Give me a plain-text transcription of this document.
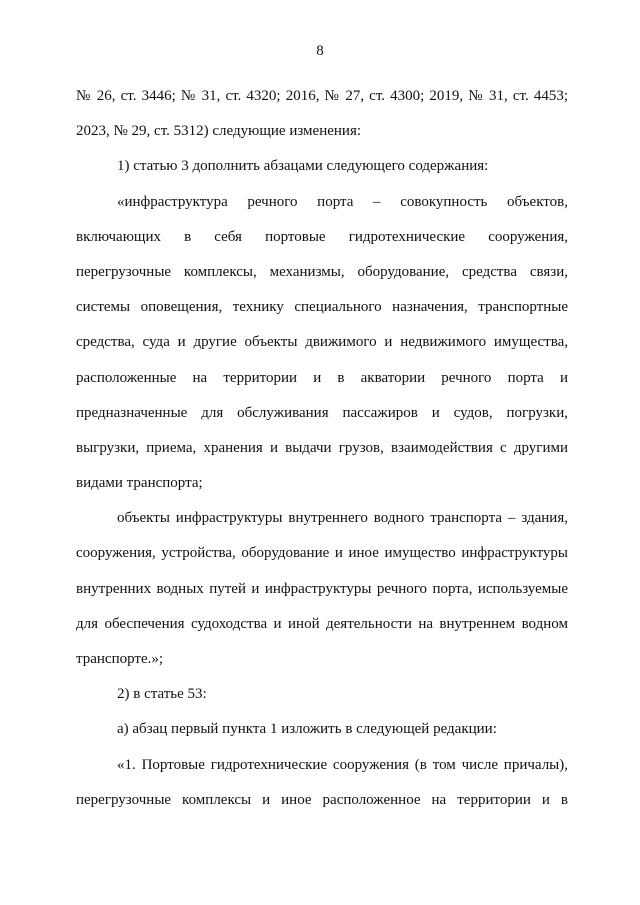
8
№ 26, ст. 3446; № 31, ст. 4320; 2016, № 27, ст. 4300; 2019, № 31, ст. 4453;
2023, № 29, ст. 5312) следующие изменения:
1) статью 3 дополнить абзацами следующего содержания:
«инфраструктура речного порта – совокупность объектов,
включающих в себя портовые гидротехнические сооружения,
перегрузочные комплексы, механизмы, оборудование, средства связи,
системы оповещения, технику специального назначения, транспортные
средства, суда и другие объекты движимого и недвижимого имущества,
расположенные на территории и в акватории речного порта и
предназначенные для обслуживания пассажиров и судов, погрузки,
выгрузки, приема, хранения и выдачи грузов, взаимодействия с другими
видами транспорта;
объекты инфраструктуры внутреннего водного транспорта – здания,
сооружения, устройства, оборудование и иное имущество инфраструктуры
внутренних водных путей и инфраструктуры речного порта, используемые
для обеспечения судоходства и иной деятельности на внутреннем водном
транспорте.»;
2) в статье 53:
а) абзац первый пункта 1 изложить в следующей редакции:
«1. Портовые гидротехнические сооружения (в том числе причалы),
перегрузочные комплексы и иное расположенное на территории и в
